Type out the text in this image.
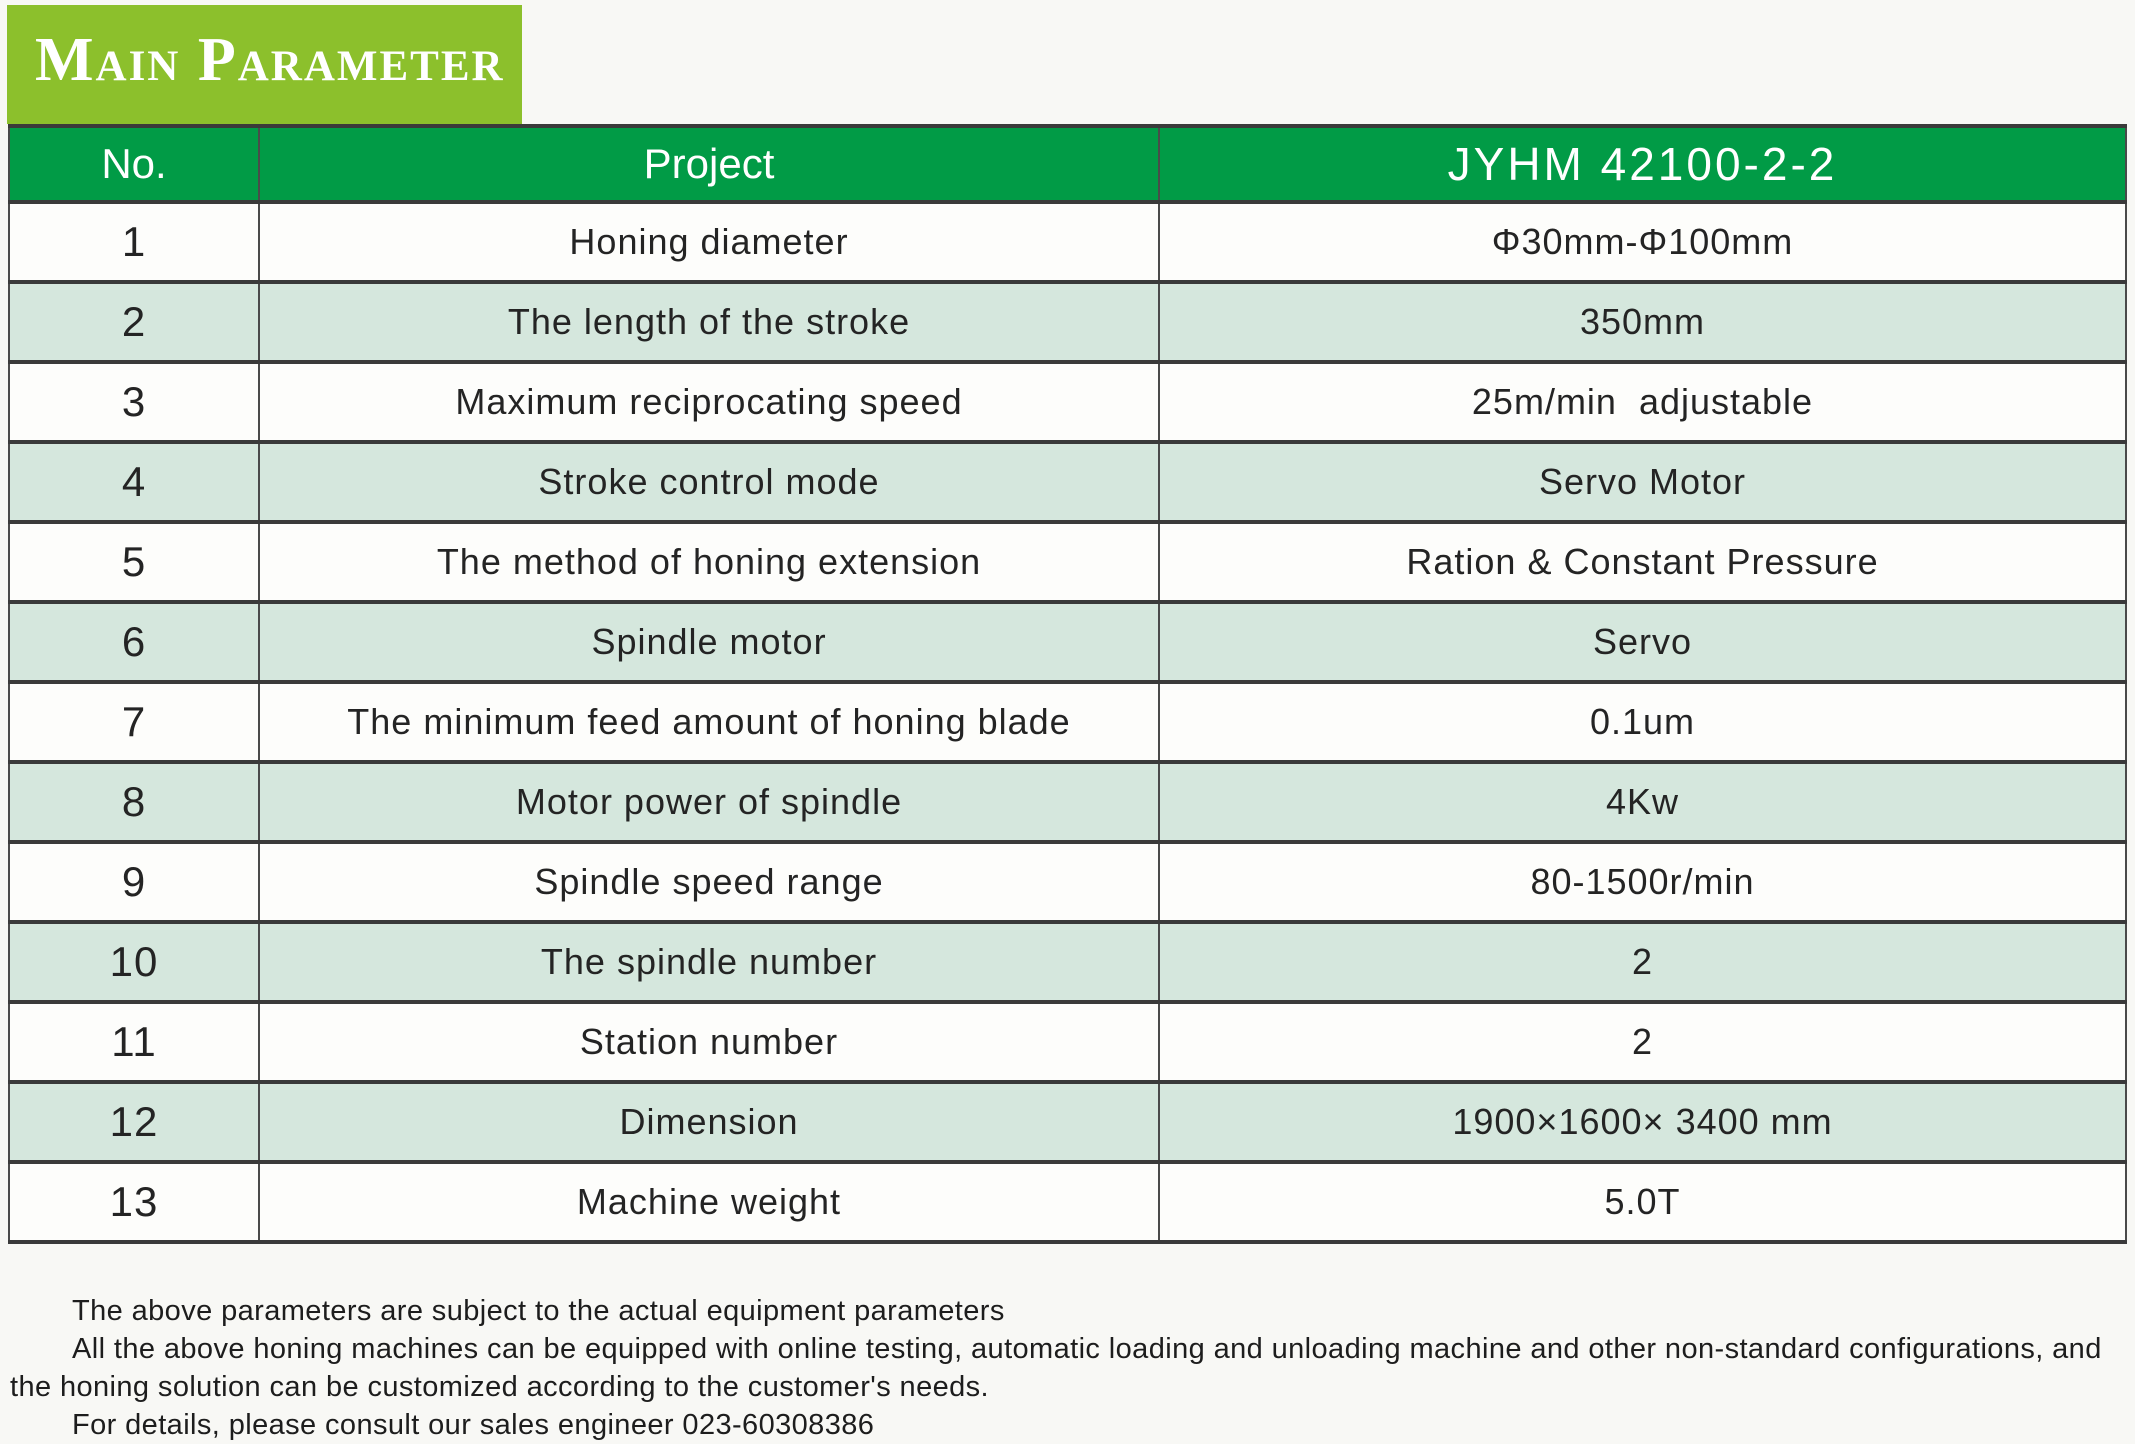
Main Parameter
No.	Project	JYHM 42100-2-2
1	Honing diameter	Φ30mm-Φ100mm
2	The length of the stroke	350mm
3	Maximum reciprocating speed	25m/min  adjustable
4	Stroke control mode	Servo Motor
5	The method of honing extension	Ration & Constant Pressure
6	Spindle motor	Servo
7	The minimum feed amount of honing blade	0.1um
8	Motor power of spindle	4Kw
9	Spindle speed range	80-1500r/min
10	The spindle number	2
11	Station number	2
12	Dimension	1900×1600× 3400 mm
13	Machine weight	5.0T

The above parameters are subject to the actual equipment parameters

All the above honing machines can be equipped with online testing, automatic loading and unloading machine and other non-standard configurations, and the honing solution can be customized according to the customer's needs.

For details, please consult our sales engineer 023-60308386
